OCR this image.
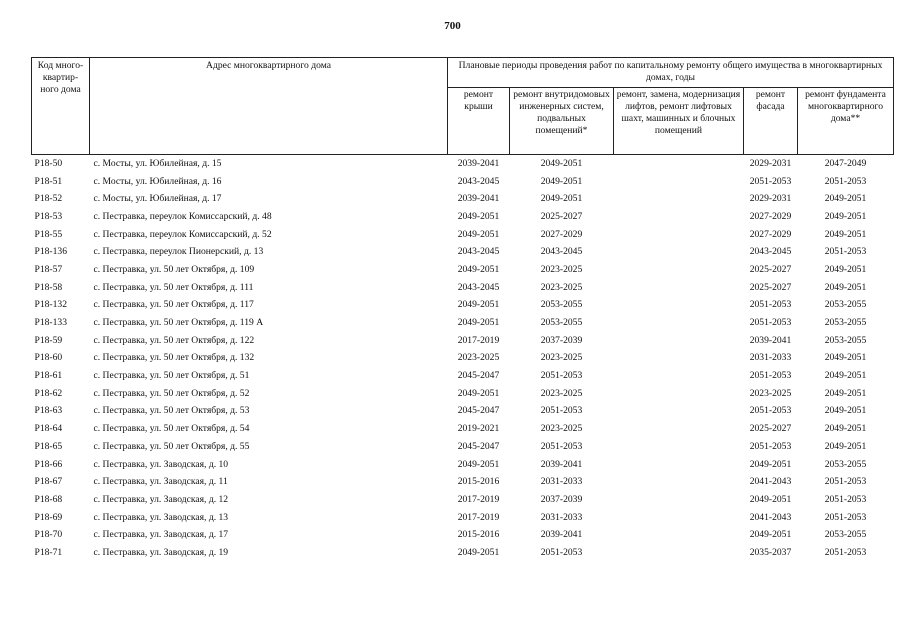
700
Код много-квартир-ного дома	Адрес многоквартирного дома	Плановые периоды проведения работ по капитальному ремонту общего имущества в многоквартирных домах, годы				
		ремонт крыши	ремонт внутридомовых инженерных систем, подвальных помещений*	ремонт, замена, модернизация лифтов, ремонт лифтовых шахт, машинных и блочных помещений	ремонт фасада	ремонт фундамента многоквартирного дома**
Р18-50	с. Мосты, ул. Юбилейная, д. 15	2039-2041	2049-2051		2029-2031	2047-2049
Р18-51	с. Мосты, ул. Юбилейная, д. 16	2043-2045	2049-2051		2051-2053	2051-2053
Р18-52	с. Мосты, ул. Юбилейная, д. 17	2039-2041	2049-2051		2029-2031	2049-2051
Р18-53	с. Пестравка, переулок Комиссарский, д. 48	2049-2051	2025-2027		2027-2029	2049-2051
Р18-55	с. Пестравка, переулок Комиссарский, д. 52	2049-2051	2027-2029		2027-2029	2049-2051
Р18-136	с. Пестравка, переулок Пионерский, д. 13	2043-2045	2043-2045		2043-2045	2051-2053
Р18-57	с. Пестравка, ул. 50 лет Октября, д. 109	2049-2051	2023-2025		2025-2027	2049-2051
Р18-58	с. Пестравка, ул. 50 лет Октября, д. 111	2043-2045	2023-2025		2025-2027	2049-2051
Р18-132	с. Пестравка, ул. 50 лет Октября, д. 117	2049-2051	2053-2055		2051-2053	2053-2055
Р18-133	с. Пестравка, ул. 50 лет Октября, д. 119 А	2049-2051	2053-2055		2051-2053	2053-2055
Р18-59	с. Пестравка, ул. 50 лет Октября, д. 122	2017-2019	2037-2039		2039-2041	2053-2055
Р18-60	с. Пестравка, ул. 50 лет Октября, д. 132	2023-2025	2023-2025		2031-2033	2049-2051
Р18-61	с. Пестравка, ул. 50 лет Октября, д. 51	2045-2047	2051-2053		2051-2053	2049-2051
Р18-62	с. Пестравка, ул. 50 лет Октября, д. 52	2049-2051	2023-2025		2023-2025	2049-2051
Р18-63	с. Пестравка, ул. 50 лет Октября, д. 53	2045-2047	2051-2053		2051-2053	2049-2051
Р18-64	с. Пестравка, ул. 50 лет Октября, д. 54	2019-2021	2023-2025		2025-2027	2049-2051
Р18-65	с. Пестравка, ул. 50 лет Октября, д. 55	2045-2047	2051-2053		2051-2053	2049-2051
Р18-66	с. Пестравка, ул. Заводская, д. 10	2049-2051	2039-2041		2049-2051	2053-2055
Р18-67	с. Пестравка, ул. Заводская, д. 11	2015-2016	2031-2033		2041-2043	2051-2053
Р18-68	с. Пестравка, ул. Заводская, д. 12	2017-2019	2037-2039		2049-2051	2051-2053
Р18-69	с. Пестравка, ул. Заводская, д. 13	2017-2019	2031-2033		2041-2043	2051-2053
Р18-70	с. Пестравка, ул. Заводская, д. 17	2015-2016	2039-2041		2049-2051	2053-2055
Р18-71	с. Пестравка, ул. Заводская, д. 19	2049-2051	2051-2053		2035-2037	2051-2053
